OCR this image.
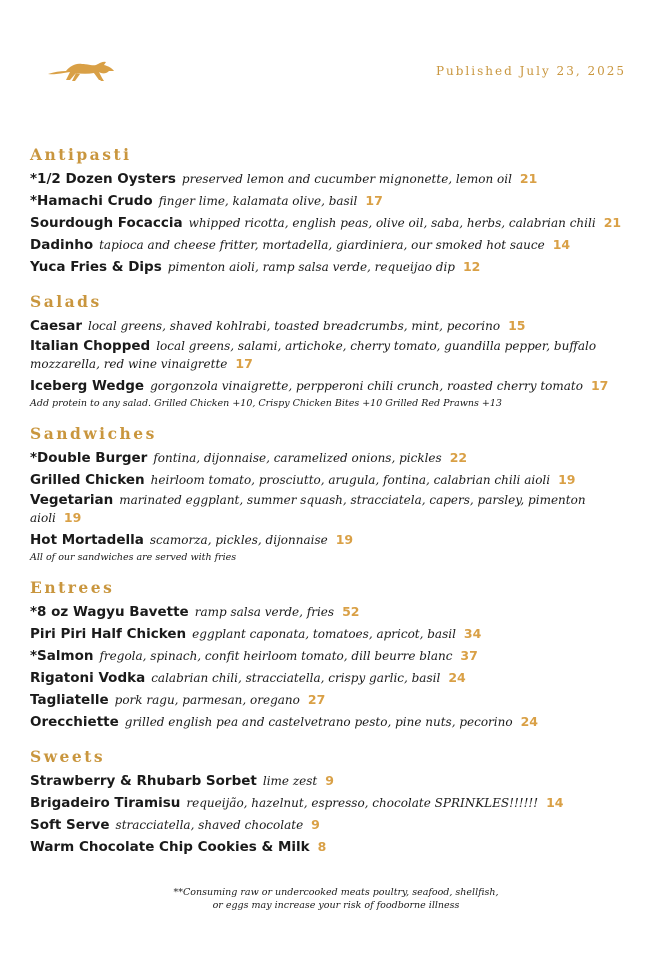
Published July 23, 2025
Antipasti

*1/2 Dozen Oysters preserved lemon and cucumber mignonette, lemon oil 21

*Hamachi Crudo finger lime, kalamata olive, basil 17

Sourdough Focaccia whipped ricotta, english peas, olive oil, saba, herbs, calabrian chili 21

Dadinho tapioca and cheese fritter, mortadella, giardiniera, our smoked hot sauce 14

Yuca Fries & Dips pimenton aioli, ramp salsa verde, requeijao dip 12

Salads

Caesar local greens, shaved kohlrabi, toasted breadcrumbs, mint, pecorino 15

Italian Chopped local greens, salami, artichoke, cherry tomato, guandilla pepper, buffalo mozzarella, red wine vinaigrette 17

Iceberg Wedge gorgonzola vinaigrette, perpperoni chili crunch, roasted cherry tomato 17

Add protein to any salad. Grilled Chicken +10, Crispy Chicken Bites +10 Grilled Red Prawns +13

Sandwiches

*Double Burger fontina, dijonnaise, caramelized onions, pickles 22

Grilled Chicken heirloom tomato, prosciutto, arugula, fontina, calabrian chili aioli 19

Vegetarian marinated eggplant, summer squash, stracciatela, capers, parsley, pimenton aioli 19

Hot Mortadella scamorza, pickles, dijonnaise 19

All of our sandwiches are served with fries

Entrees

*8 oz Wagyu Bavette ramp salsa verde, fries 52

Piri Piri Half Chicken eggplant caponata, tomatoes, apricot, basil 34

*Salmon fregola, spinach, confit heirloom tomato, dill beurre blanc 37

Rigatoni Vodka calabrian chili, stracciatella, crispy garlic, basil 24

Tagliatelle pork ragu, parmesan, oregano 27

Orecchiette grilled english pea and castelvetrano pesto, pine nuts, pecorino 24

Sweets

Strawberry & Rhubarb Sorbet lime zest 9

Brigadeiro Tiramisu requeijão, hazelnut, espresso, chocolate SPRINKLES!!!!!! 14

Soft Serve stracciatella, shaved chocolate 9

Warm Chocolate Chip Cookies & Milk 8

**Consuming raw or undercooked meats poultry, seafood, shellfish,
or eggs may increase your risk of foodborne illness
